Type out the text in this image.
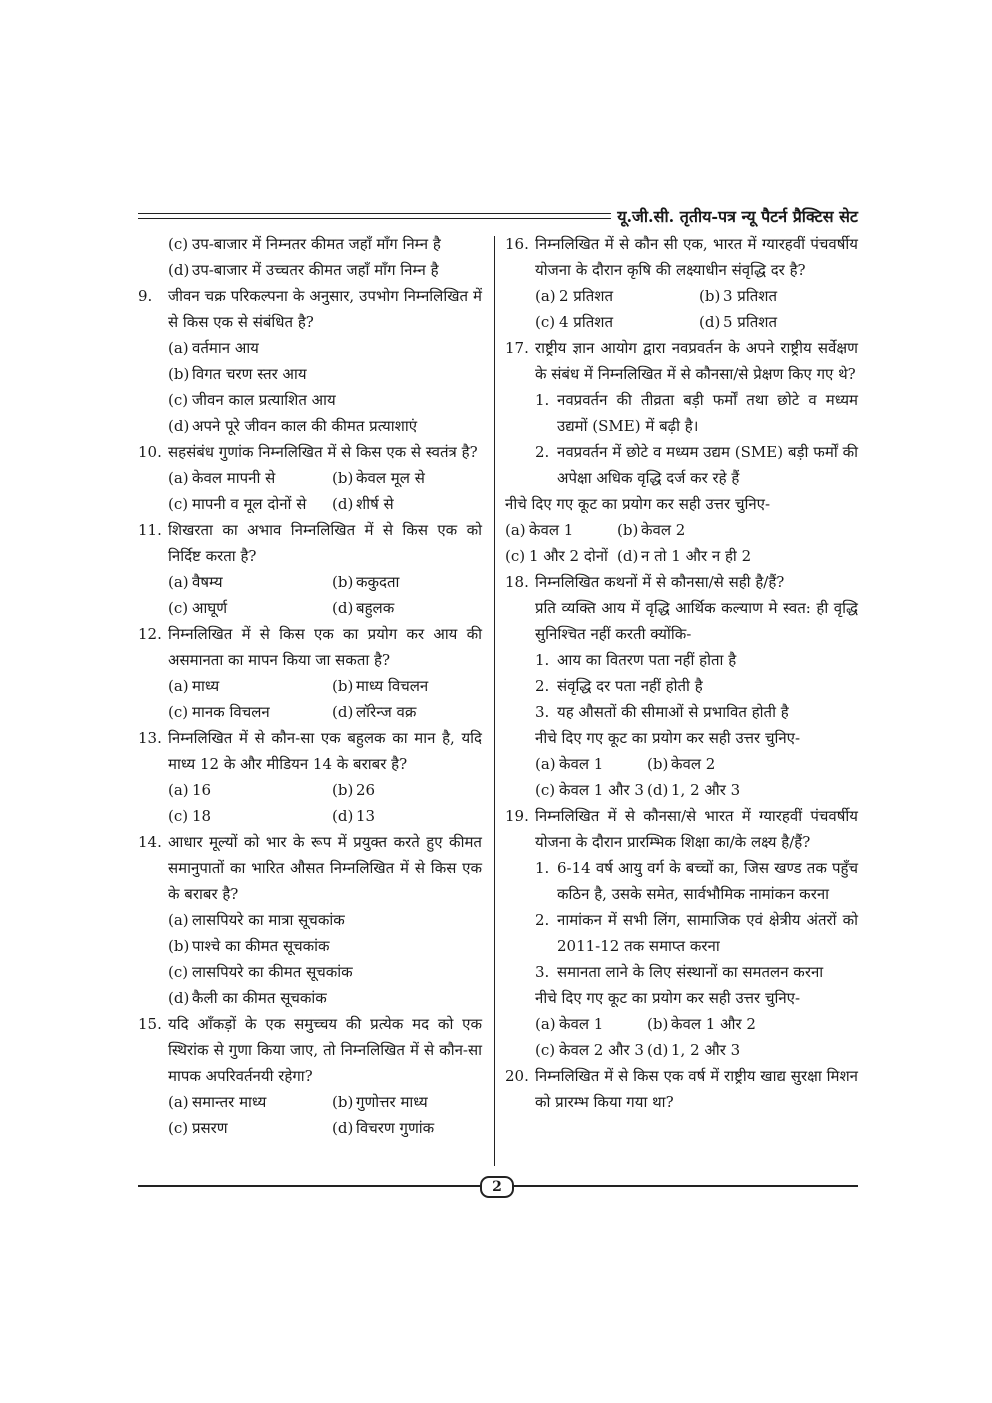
यू.जी.सी. तृतीय-पत्र न्यू पैटर्न प्रैक्टिस सेट
(c) उप-बाजार में निम्नतर कीमत जहाँ माँग निम्न है
(d) उप-बाजार में उच्चतर कीमत जहाँ माँग निम्न है
9.	जीवन चक्र परिकल्पना के अनुसार, उपभोग निम्नलिखित में से किस एक से संबंधित है?
(a) वर्तमान आय
(b) विगत चरण स्तर आय
(c) जीवन काल प्रत्याशित आय
(d) अपने पूरे जीवन काल की कीमत प्रत्याशाएं
10. सहसंबंध गुणांक निम्नलिखित में से किस एक से स्वतंत्र है?
(a) केवल मापनी से	(b) केवल मूल से
(c) मापनी व मूल दोनों से	(d) शीर्ष से
11. शिखरता का अभाव निम्नलिखित में से किस एक को निर्दिष्ट करता है?
(a) वैषम्य	(b) ककुदता
(c) आघूर्ण	(d) बहुलक
12. निम्नलिखित में से किस एक का प्रयोग कर आय की असमानता का मापन किया जा सकता है?
(a) माध्य	(b) माध्य विचलन
(c) मानक विचलन	(d) लॉरेन्ज वक्र
13. निम्नलिखित में से कौन-सा एक बहुलक का मान है, यदि माध्य 12 के और मीडियन 14 के बराबर है?
(a) 16	(b) 26
(c) 18	(d) 13
14. आधार मूल्यों को भार के रूप में प्रयुक्त करते हुए कीमत समानुपातों का भारित औसत निम्नलिखित में से किस एक के बराबर है?
(a) लासपियरे का मात्रा सूचकांक
(b) पाश्चे का कीमत सूचकांक
(c) लासपियरे का कीमत सूचकांक
(d) कैली का कीमत सूचकांक
15. यदि आँकड़ों के एक समुच्चय की प्रत्येक मद को एक स्थिरांक से गुणा किया जाए, तो निम्नलिखित में से कौन-सा मापक अपरिवर्तनयी रहेगा?
(a) समान्तर माध्य	(b) गुणोत्तर माध्य
(c) प्रसरण	(d) विचरण गुणांक
16. निम्नलिखित में से कौन सी एक, भारत में ग्यारहवीं पंचवर्षीय योजना के दौरान कृषि की लक्ष्याधीन संवृद्धि दर है?
(a) 2 प्रतिशत	(b) 3 प्रतिशत
(c) 4 प्रतिशत	(d) 5 प्रतिशत
17. राष्ट्रीय ज्ञान आयोग द्वारा नवप्रवर्तन के अपने राष्ट्रीय सर्वेक्षण के संबंध में निम्नलिखित में से कौनसा/से प्रेक्षण किए गए थे?
1. नवप्रवर्तन की तीव्रता बड़ी फर्मों तथा छोटे व मध्यम उद्यमों (SME) में बढ़ी है।
2. नवप्रवर्तन में छोटे व मध्यम उद्यम (SME) बड़ी फर्मों की अपेक्षा अधिक वृद्धि दर्ज कर रहे हैं
नीचे दिए गए कूट का प्रयोग कर सही उत्तर चुनिए-
(a) केवल 1	(b) केवल 2
(c) 1 और 2 दोनों (d) न तो 1 और न ही 2
18. निम्नलिखित कथनों में से कौनसा/से सही है/हैं?
प्रति व्यक्ति आय में वृद्धि आर्थिक कल्याण मे स्वत: ही वृद्धि सुनिश्चित नहीं करती क्योंकि-
1. आय का वितरण पता नहीं होता है
2. संवृद्धि दर पता नहीं होती है
3. यह औसतों की सीमाओं से प्रभावित होती है
नीचे दिए गए कूट का प्रयोग कर सही उत्तर चुनिए-
(a) केवल 1	(b) केवल 2
(c) केवल 1 और 3 (d) 1, 2 और 3
19. निम्नलिखित में से कौनसा/से भारत में ग्यारहवीं पंचवर्षीय योजना के दौरान प्रारम्भिक शिक्षा का/के लक्ष्य है/हैं?
1. 6-14 वर्ष आयु वर्ग के बच्चों का, जिस खण्ड तक पहुँच कठिन है, उसके समेत, सार्वभौमिक नामांकन करना
2. नामांकन में सभी लिंग, सामाजिक एवं क्षेत्रीय अंतरों को 2011-12 तक समाप्त करना
3. समानता लाने के लिए संस्थानों का समतलन करना
नीचे दिए गए कूट का प्रयोग कर सही उत्तर चुनिए-
(a) केवल 1	(b) केवल 1 और 2
(c) केवल 2 और 3 (d) 1, 2 और 3
20. निम्नलिखित में से किस एक वर्ष में राष्ट्रीय खाद्य सुरक्षा मिशन को प्रारम्भ किया गया था?
2
